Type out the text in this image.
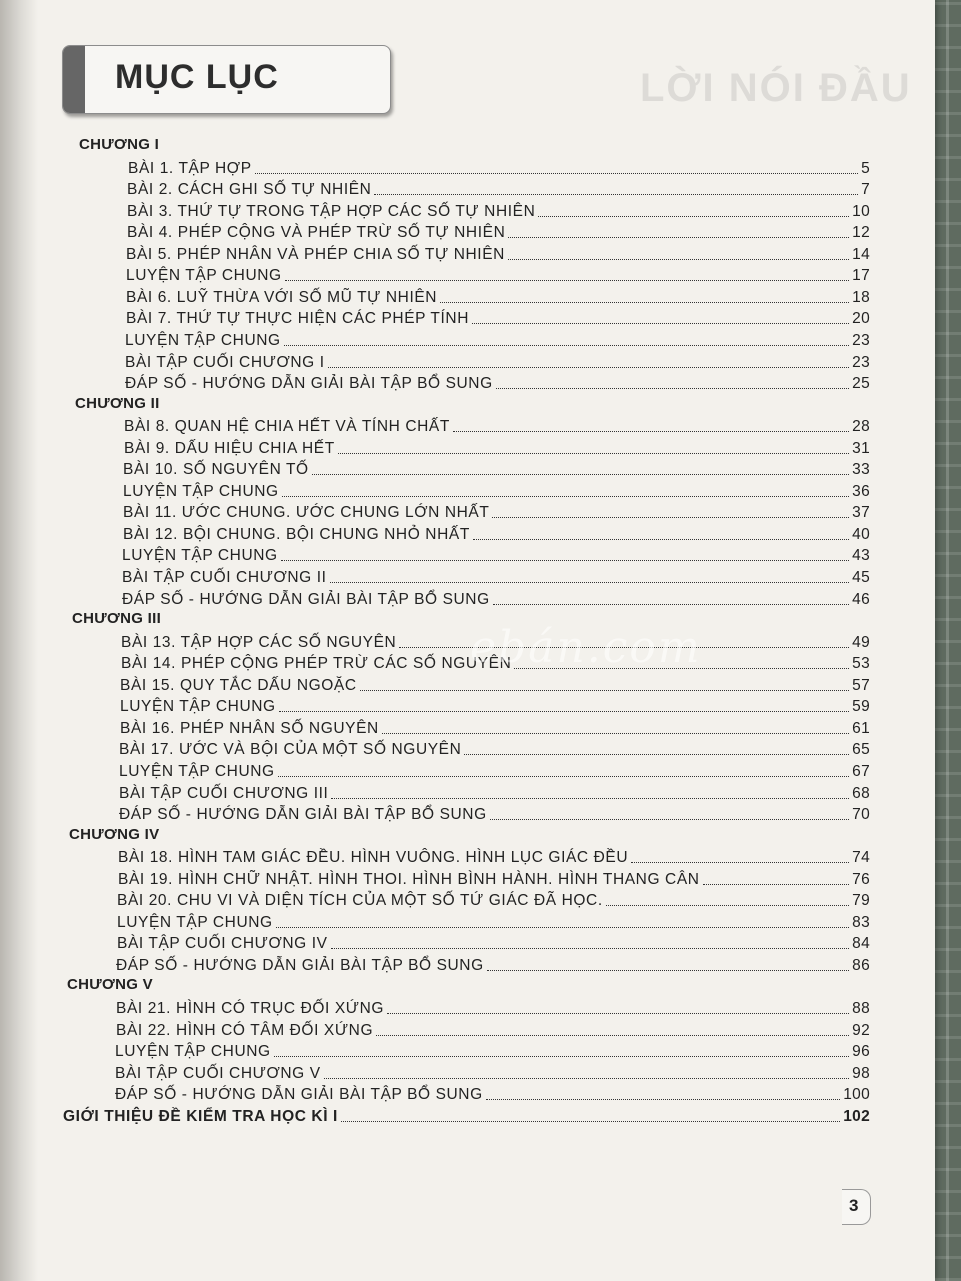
LỜI NÓI ĐẦU
MỤC LỤC
CHƯƠNG I
BÀI 1. TẬP HỢP	5
BÀI 2. CÁCH GHI SỐ TỰ NHIÊN	7
BÀI 3. THỨ TỰ TRONG TẬP HỢP CÁC SỐ TỰ NHIÊN	10
BÀI 4. PHÉP CỘNG VÀ PHÉP TRỪ SỐ TỰ NHIÊN	12
BÀI 5. PHÉP NHÂN VÀ PHÉP CHIA SỐ TỰ NHIÊN	14
LUYỆN TẬP CHUNG	17
BÀI 6. LUỸ THỪA VỚI SỐ MŨ TỰ NHIÊN	18
BÀI 7. THỨ TỰ THỰC HIỆN CÁC PHÉP TÍNH	20
LUYỆN TẬP CHUNG	23
BÀI TẬP CUỐI CHƯƠNG I	23
ĐÁP SỐ - HƯỚNG DẪN GIẢI BÀI TẬP BỔ SUNG	25
CHƯƠNG II
BÀI 8. QUAN HỆ CHIA HẾT VÀ TÍNH CHẤT	28
BÀI 9. DẤU HIỆU CHIA HẾT	31
BÀI 10. SỐ NGUYÊN TỐ	33
LUYỆN TẬP CHUNG	36
BÀI 11. ƯỚC CHUNG. ƯỚC CHUNG LỚN NHẤT	37
BÀI 12. BỘI CHUNG. BỘI CHUNG NHỎ NHẤT	40
LUYỆN TẬP CHUNG	43
BÀI TẬP CUỐI CHƯƠNG II	45
ĐÁP SỐ - HƯỚNG DẪN GIẢI BÀI TẬP BỔ SUNG	46
CHƯƠNG III
BÀI 13. TẬP HỢP CÁC SỐ NGUYÊN	49
BÀI 14. PHÉP CỘNG PHÉP TRỪ CÁC SỐ NGUYÊN	53
BÀI 15. QUY TẮC DẤU NGOẶC	57
LUYỆN TẬP CHUNG	59
BÀI 16. PHÉP NHÂN SỐ NGUYÊN	61
BÀI 17. ƯỚC VÀ BỘI CỦA MỘT SỐ NGUYÊN	65
LUYỆN TẬP CHUNG	67
BÀI TẬP CUỐI CHƯƠNG III	68
ĐÁP SỐ - HƯỚNG DẪN GIẢI BÀI TẬP BỔ SUNG	70
CHƯƠNG IV
BÀI 18. HÌNH TAM GIÁC ĐỀU. HÌNH VUÔNG. HÌNH LỤC GIÁC ĐỀU	74
BÀI 19. HÌNH CHỮ NHẬT. HÌNH THOI. HÌNH BÌNH HÀNH. HÌNH THANG CÂN	76
BÀI 20. CHU VI VÀ DIỆN TÍCH CỦA MỘT SỐ TỨ GIÁC ĐÃ HỌC.	79
LUYỆN TẬP CHUNG	83
BÀI TẬP CUỐI CHƯƠNG IV	84
ĐÁP SỐ - HƯỚNG DẪN GIẢI BÀI TẬP BỔ SUNG	86
CHƯƠNG V
BÀI 21. HÌNH CÓ TRỤC ĐỐI XỨNG	88
BÀI 22. HÌNH CÓ TÂM ĐỐI XỨNG	92
LUYỆN TẬP CHUNG	96
BÀI TẬP CUỐI CHƯƠNG V	98
ĐÁP SỐ - HƯỚNG DẪN GIẢI BÀI TẬP BỔ SUNG	100
GIỚI THIỆU ĐỀ KIỂM TRA HỌC KÌ I	102
ebán.com
3
